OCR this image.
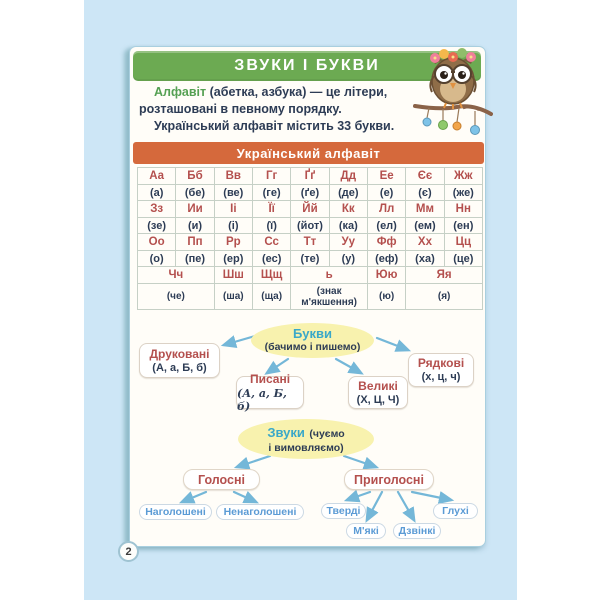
ЗВУКИ І БУКВИ
Алфавіт (абетка, азбука) — це літери,
розташовані в певному порядку.
Український алфавіт містить 33 букви.
Український алфавіт
Аа	Бб	Вв	Гг	Ґґ	Дд	Ее	Єє	Жж
(а)	(бе)	(ве)	(ге)	(ґе)	(де)	(е)	(є)	(же)
Зз	Ии	Іі	Її	Йй	Кк	Лл	Мм	Нн
(зе)	(и)	(і)	(ї)	(йот)	(ка)	(ел)	(ем)	(ен)
Оо	Пп	Рр	Сс	Тт	Уу	Фф	Хх	Цц
(о)	(пе)	(ер)	(ес)	(те)	(у)	(еф)	(ха)	(це)
Чч		Шш	Щщ	ь		Юю	Яя	
(че)		(ша)	(ща)	(знак м'якшення)		(ю)	(я)	
Букви
(бачимо і пишемо)
Друковані
(А, а, Б, б)
Писані
(А, а, Б, б)
Великі
(Х, Ц, Ч)
Рядкові
(х, ц, ч)
Звуки (чуємо
і вимовляємо)
Голосні	Приголосні
Наголошені Ненаголошені	Тверді	Глухі
М'які Дзвінкі
2
